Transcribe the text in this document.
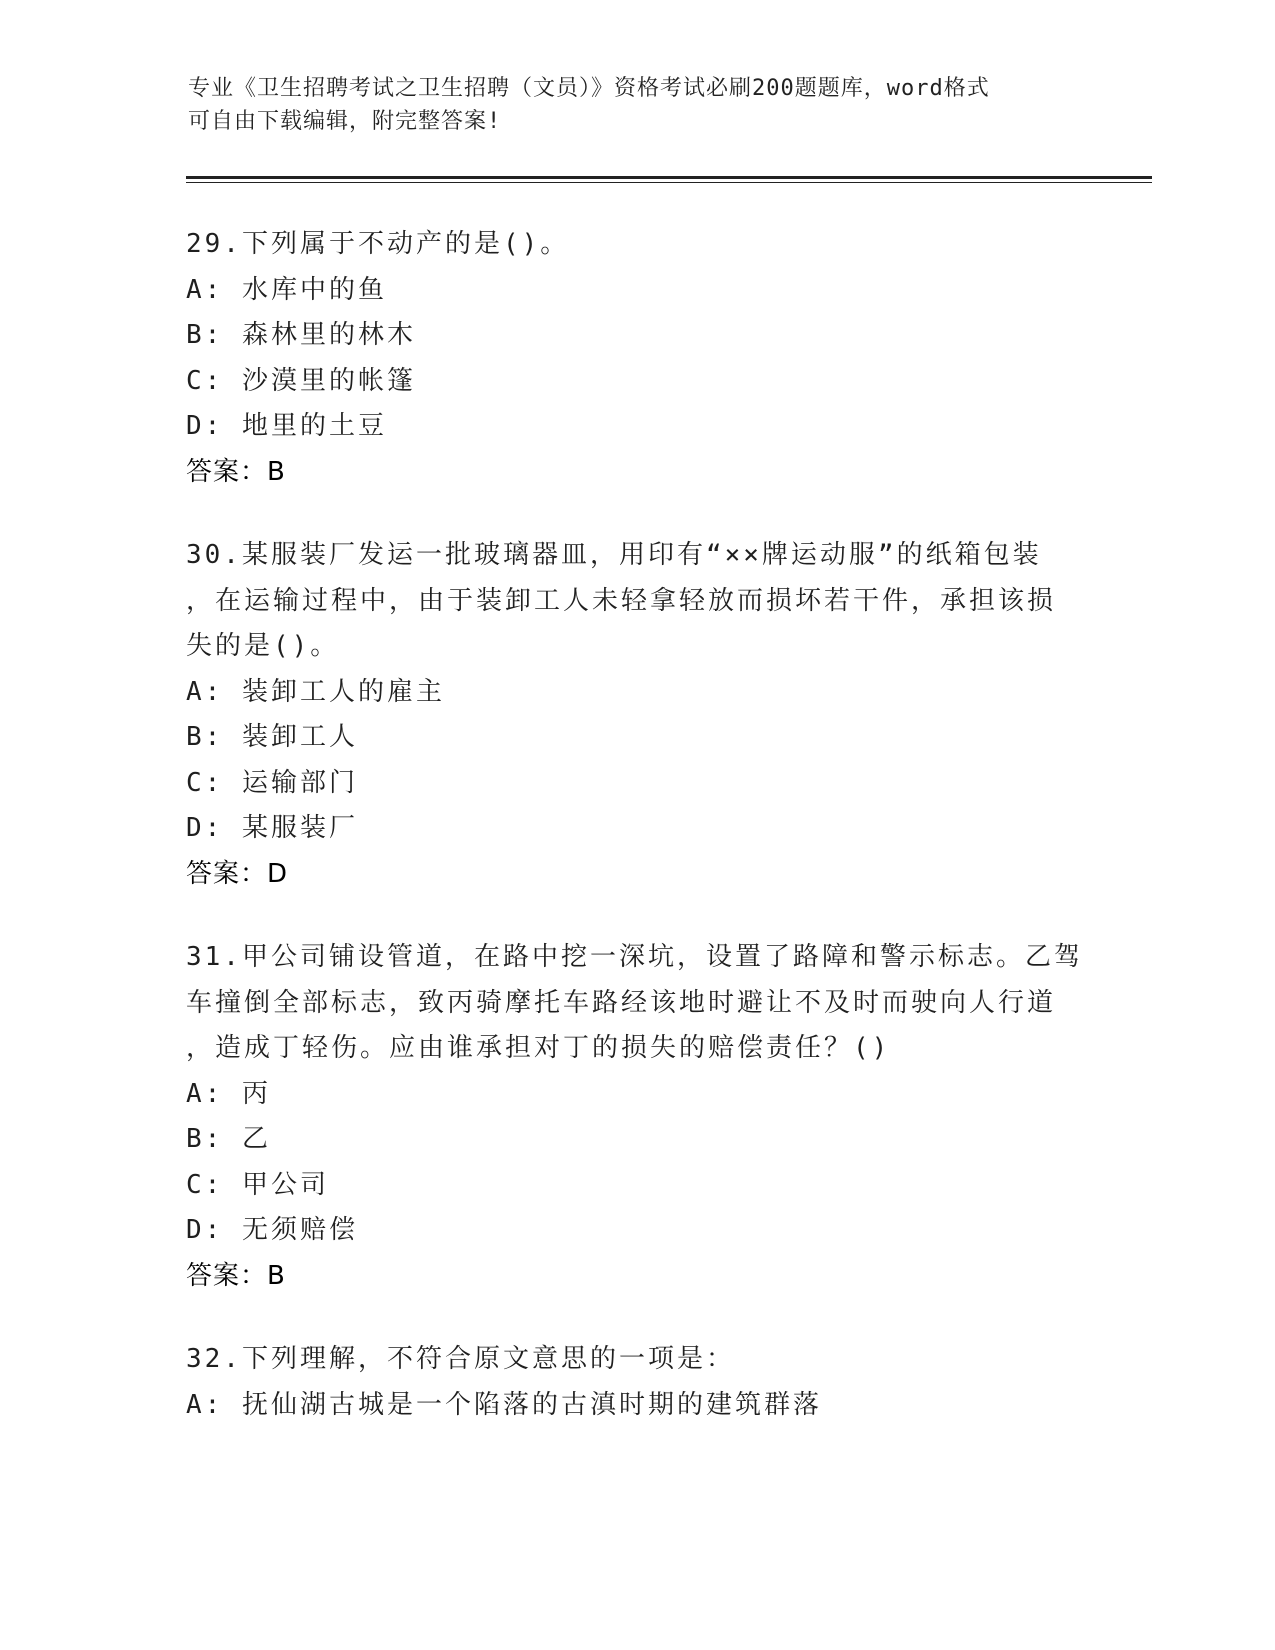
专业《卫生招聘考试之卫生招聘（文员）》资格考试必刷200题题库，word格式
可自由下载编辑，附完整答案!
29.下列属于不动产的是()。
A: 水库中的鱼
B: 森林里的林木
C: 沙漠里的帐篷
D: 地里的土豆
答案：B
30.某服装厂发运一批玻璃器皿，用印有“××牌运动服”的纸箱包装
，在运输过程中，由于装卸工人未轻拿轻放而损坏若干件，承担该损
失的是()。
A: 装卸工人的雇主
B: 装卸工人
C: 运输部门
D: 某服装厂
答案：D
31.甲公司铺设管道，在路中挖一深坑，设置了路障和警示标志。乙驾
车撞倒全部标志，致丙骑摩托车路经该地时避让不及时而驶向人行道
，造成丁轻伤。应由谁承担对丁的损失的赔偿责任？()
A: 丙
B: 乙
C: 甲公司
D: 无须赔偿
答案：B
32.下列理解，不符合原文意思的一项是：
A: 抚仙湖古城是一个陷落的古滇时期的建筑群落
